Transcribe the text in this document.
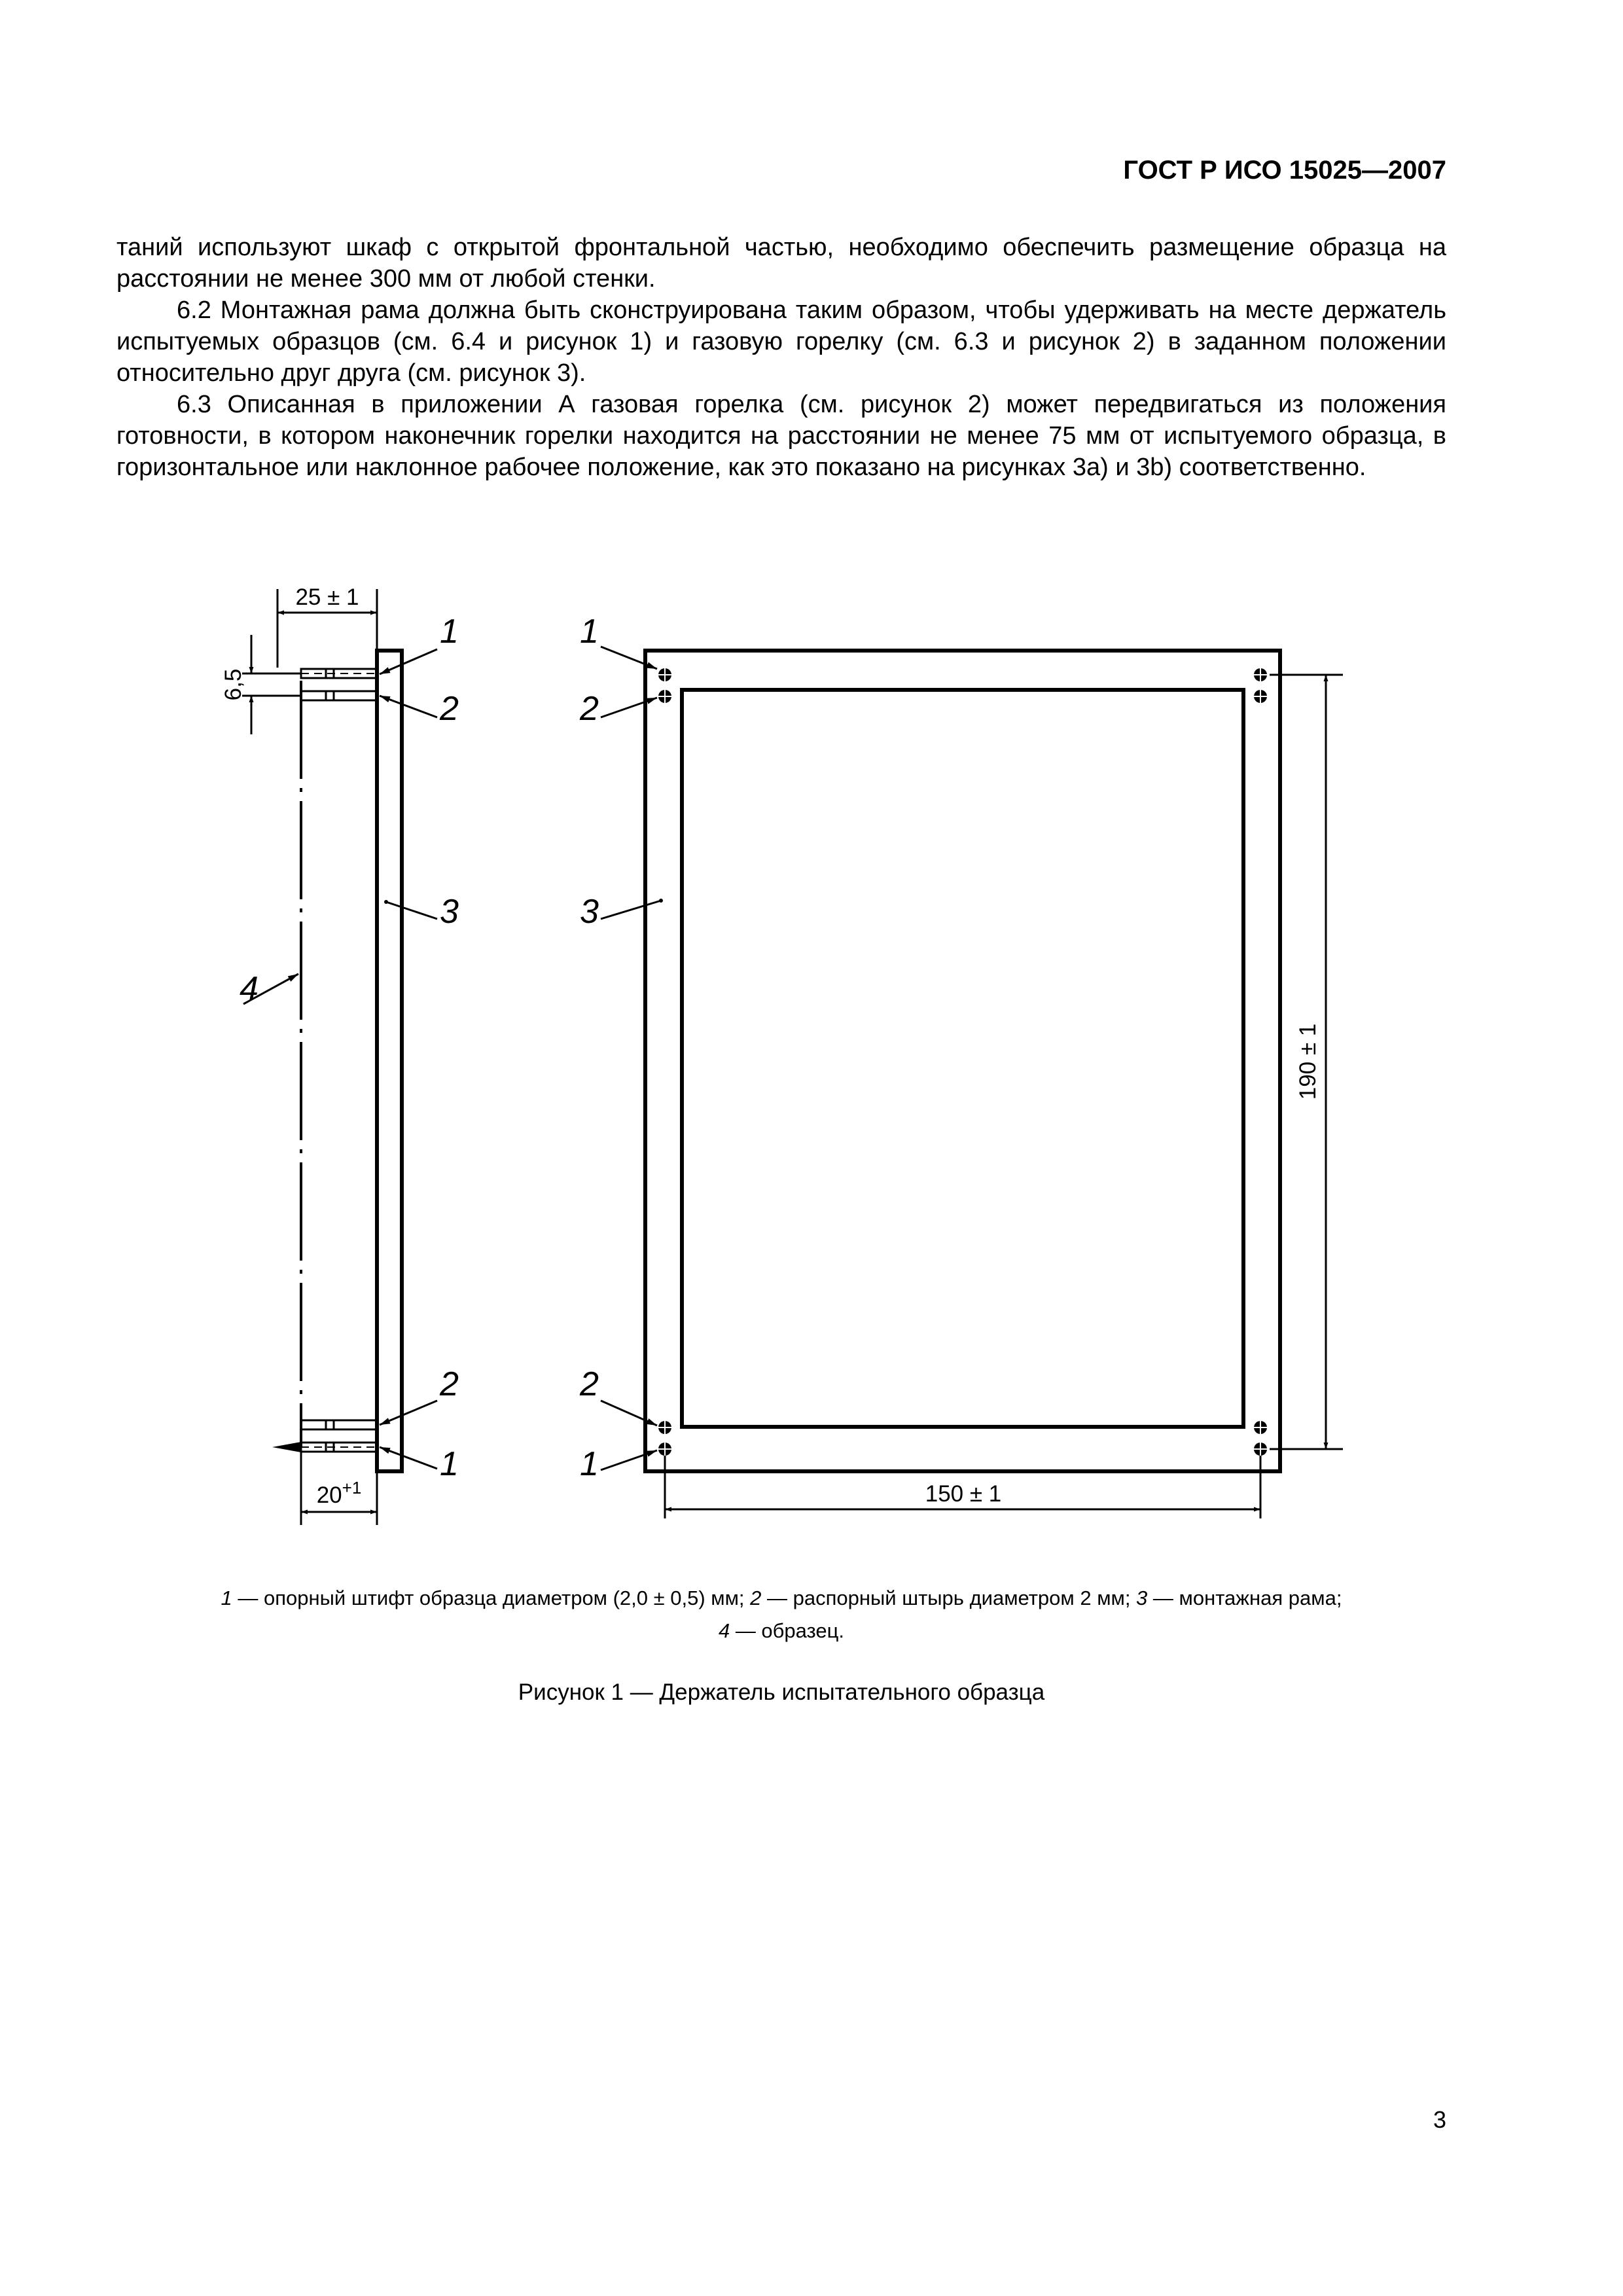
ГОСТ Р ИСО 15025—2007

таний используют шкаф с открытой фронтальной частью, необходимо обеспечить размещение образца на расстоянии не менее 300 мм от любой стенки.

6.2 Монтажная рама должна быть сконструирована таким образом, чтобы удерживать на месте держатель испытуемых образцов (см. 6.4 и рисунок 1) и газовую горелку (см. 6.3 и рисунок 2) в заданном положении относительно друг друга (см. рисунок 3).

6.3 Описанная в приложении А газовая горелка (см. рисунок 2) может передвигаться из положения готовности, в котором наконечник горелки находится на расстоянии не менее 75 мм от испытуемого образца, в горизонтальное или наклонное рабочее положение, как это показано на рисунках 3а) и 3b) соответственно.

25 ± 1
6,5
$20^{+1}$
1
2
3
4
2
1
190 ± 1
150 ± 1
1
2
3
2
1
1 — опорный штифт образца диаметром (2,0 ± 0,5) мм; 2 — распорный штырь диаметром 2 мм; 3 — монтажная рама;
4 — образец.
Рисунок 1 — Держатель испытательного образца
3
